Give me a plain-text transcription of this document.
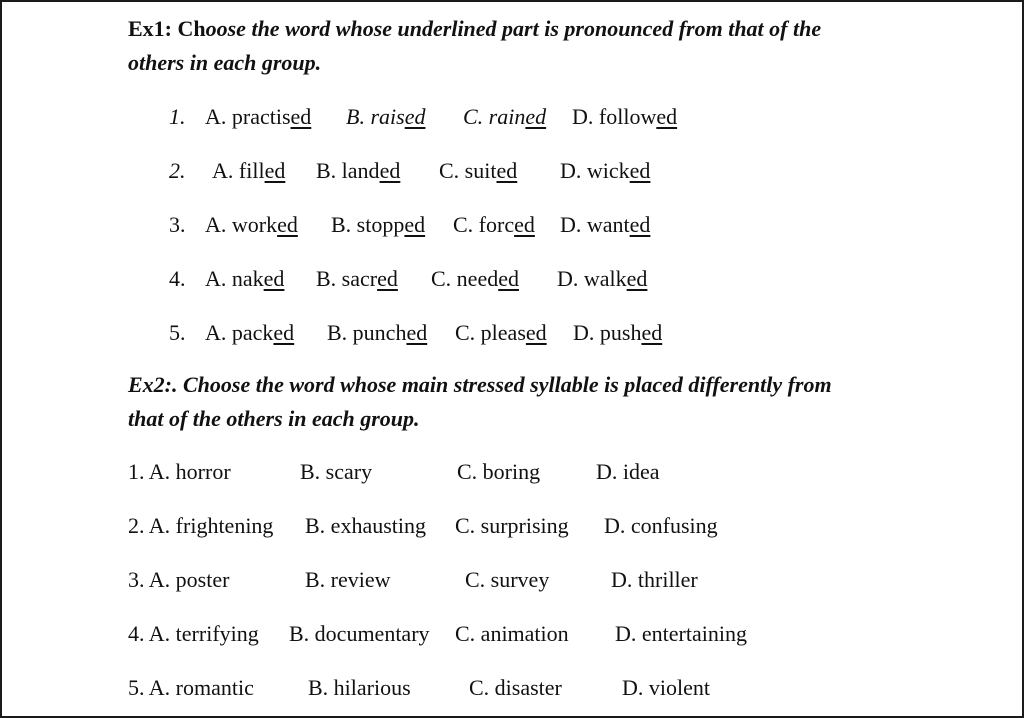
Ex1: Choose the word whose underlined part is pronounced from that of the
others in each group.
1. A. practised B. raised C. rained D. followed
2. A. filled B. landed C. suited D. wicked
3. A. worked B. stopped C. forced D. wanted
4. A. naked B. sacred C. needed D. walked
5. A. packed B. punched C. pleased D. pushed
Ex2:. Choose the word whose main stressed syllable is placed differently from
that of the others in each group.
1. A. horror	B. scary	C. boring	D. idea
2. A. frightening B. exhausting C. surprising D. confusing
3. A. poster	B. review	C. survey	D. thriller
4. A. terrifying B. documentary C. animation D. entertaining
5. A. romantic B. hilarious	C. disaster	D. violent
